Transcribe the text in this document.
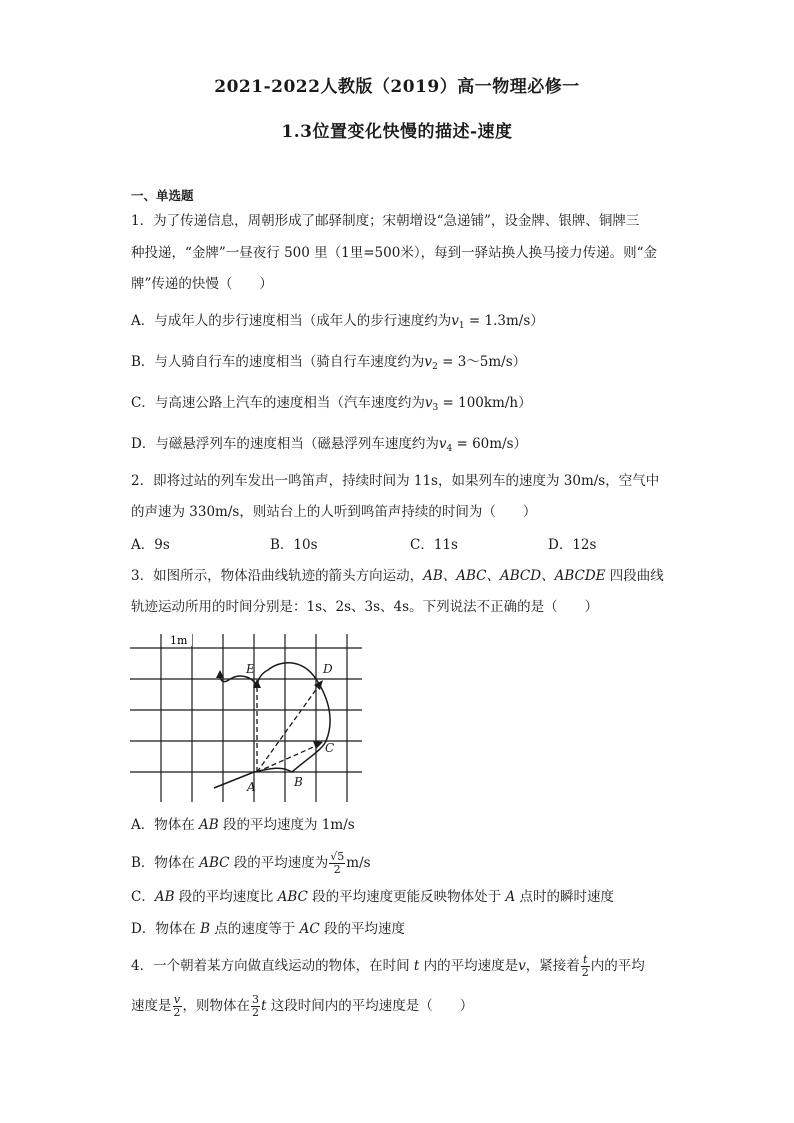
2021-2022人教版（2019）高一物理必修一
1.3位置变化快慢的描述-速度
一、单选题
1．为了传递信息，周朝形成了邮驿制度；宋朝增设“急递铺”，设金牌、银牌、铜牌三
种投递，“金牌”一昼夜行 500 里（1里=500米），每到一驿站换人换马接力传递。则“金
牌”传递的快慢（　　）
A．与成年人的步行速度相当（成年人的步行速度约为$v_1 = 1.3m/s$）
B．与人骑自行车的速度相当（骑自行车速度约为$v_2$ = 3～5m/s）
C．与高速公路上汽车的速度相当（汽车速度约为$v_3 = 100km/h$）
D．与磁悬浮列车的速度相当（磁悬浮列车速度约为$v_4 = 60m/s$）
2．即将过站的列车发出一鸣笛声，持续时间为 11s，如果列车的速度为 30m/s，空气中
的声速为 330m/s，则站台上的人听到鸣笛声持续的时间为（　　）
A．9s	B．10s	C．11s	D．12s
3．如图所示，物体沿曲线轨迹的箭头方向运动，AB、ABC、ABCD、ABCDE 四段曲线
轨迹运动所用的时间分别是：1s、2s、3s、4s。下列说法不正确的是（　　）
1m
A	B
C
D
E
A．物体在 AB 段的平均速度为 1m/s
B．物体在 ABC 段的平均速度为 $\frac{√5}{2} m/s$
C．AB 段的平均速度比 ABC 段的平均速度更能反映物体处于 A 点时的瞬时速度
D．物体在 B 点的速度等于 AC 段的平均速度
4．一个朝着某方向做直线运动的物体，在时间 t 内的平均速度是v，紧接着 $\frac{t}{2}$ 内的平均
速度是 $\frac{v}{2}$ ，则物体在 $\frac{3}{2}$ t 这段时间内的平均速度是（　　）
